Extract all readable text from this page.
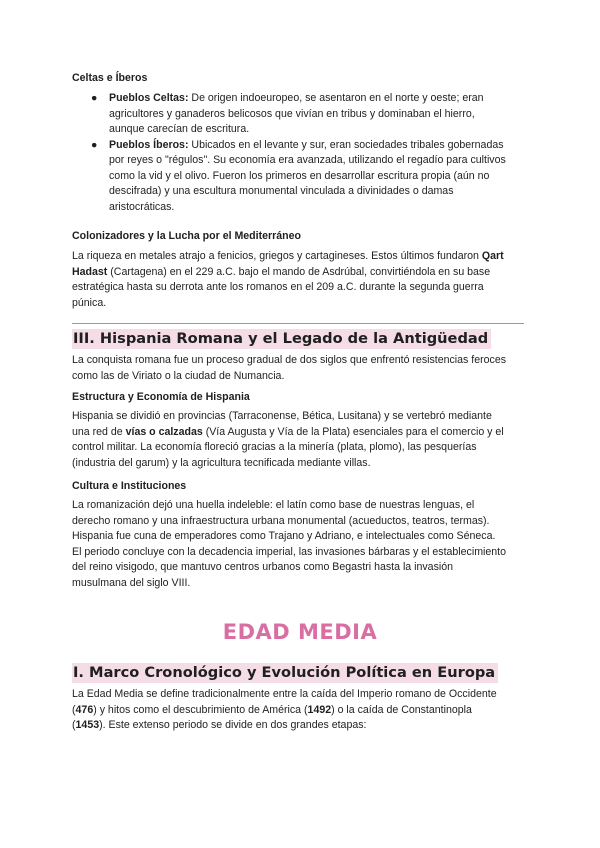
Celtas e Íberos

● Pueblos Celtas: De origen indoeuropeo, se asentaron en el norte y oeste; eran
agricultores y ganaderos belicosos que vivían en tribus y dominaban el hierro,
aunque carecían de escritura.
● Pueblos Íberos: Ubicados en el levante y sur, eran sociedades tribales gobernadas
por reyes o "régulos". Su economía era avanzada, utilizando el regadío para cultivos
como la vid y el olivo. Fueron los primeros en desarrollar escritura propia (aún no
descifrada) y una escultura monumental vinculada a divinidades o damas
aristocráticas.

Colonizadores y la Lucha por el Mediterráneo

La riqueza en metales atrajo a fenicios, griegos y cartagineses. Estos últimos fundaron Qart
Hadast (Cartagena) en el 229 a.C. bajo el mando de Asdrúbal, convirtiéndola en su base
estratégica hasta su derrota ante los romanos en el 209 a.C. durante la segunda guerra
púnica.

III. Hispania Romana y el Legado de la Antigüedad

La conquista romana fue un proceso gradual de dos siglos que enfrentó resistencias feroces
como las de Viriato o la ciudad de Numancia.

Estructura y Economía de Hispania

Hispania se dividió en provincias (Tarraconense, Bética, Lusitana) y se vertebró mediante
una red de vías o calzadas (Vía Augusta y Vía de la Plata) esenciales para el comercio y el
control militar. La economía floreció gracias a la minería (plata, plomo), las pesquerías
(industria del garum) y la agricultura tecnificada mediante villas.

Cultura e Instituciones

La romanización dejó una huella indeleble: el latín como base de nuestras lenguas, el
derecho romano y una infraestructura urbana monumental (acueductos, teatros, termas).
Hispania fue cuna de emperadores como Trajano y Adriano, e intelectuales como Séneca.
El periodo concluye con la decadencia imperial, las invasiones bárbaras y el establecimiento
del reino visigodo, que mantuvo centros urbanos como Begastri hasta la invasión
musulmana del siglo VIII.

EDAD MEDIA
I. Marco Cronológico y Evolución Política en Europa

La Edad Media se define tradicionalmente entre la caída del Imperio romano de Occidente
(476) y hitos como el descubrimiento de América (1492) o la caída de Constantinopla
(1453). Este extenso periodo se divide en dos grandes etapas:
